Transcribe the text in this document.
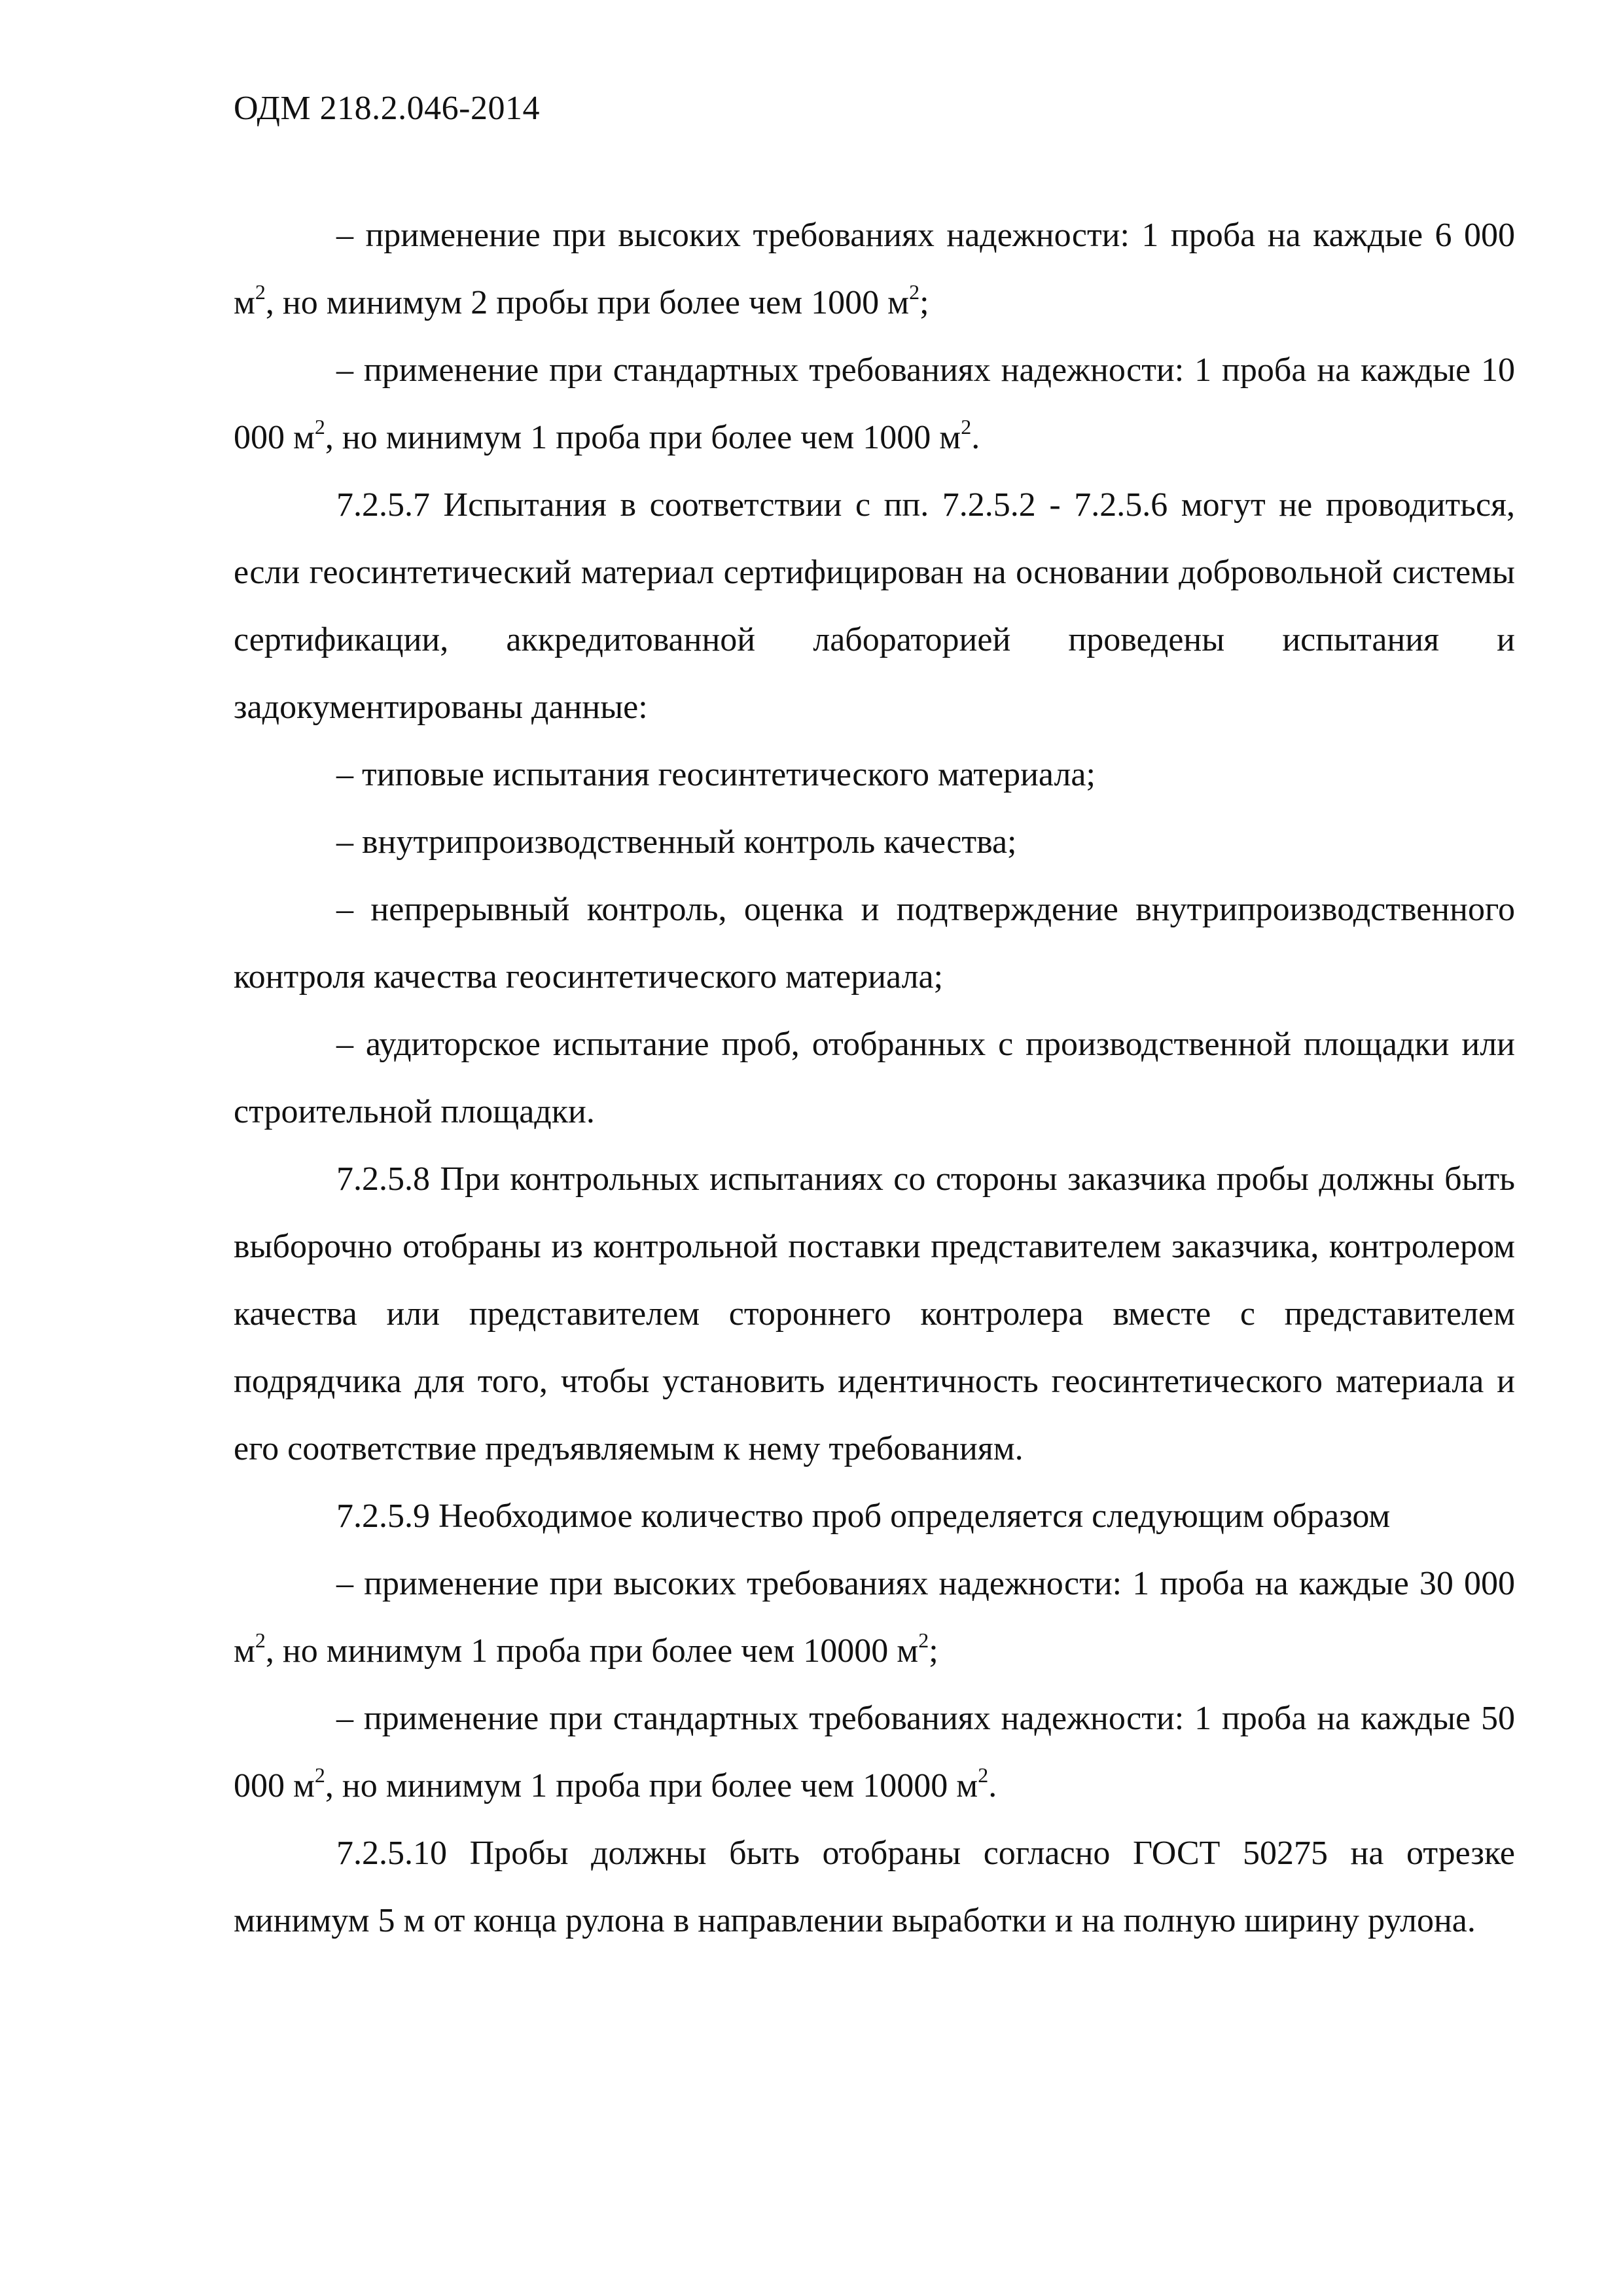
ОДМ 218.2.046-2014

– применение при высоких требованиях надежности: 1 проба на каждые 6 000 $м^2$, но минимум 2 пробы при более чем 1000 $м^2$;

– применение при стандартных требованиях надежности: 1 проба на каждые 10 000 $м^2$, но минимум 1 проба при более чем 1000 $м^2$.

7.2.5.7 Испытания в соответствии с пп. 7.2.5.2 - 7.2.5.6 могут не проводиться, если геосинтетический материал сертифицирован на основании добровольной системы сертификации, аккредитованной лабораторией проведены испытания и задокументированы данные:

– типовые испытания геосинтетического материала;

– внутрипроизводственный контроль качества;

– непрерывный контроль, оценка и подтверждение внутрипроизводственного контроля качества геосинтетического материала;

– аудиторское испытание проб, отобранных с производственной площадки или строительной площадки.

7.2.5.8 При контрольных испытаниях со стороны заказчика пробы должны быть выборочно отобраны из контрольной поставки представителем заказчика, контролером качества или представителем стороннего контролера вместе с представителем подрядчика для того, чтобы установить идентичность геосинтетического материала и его соответствие предъявляемым к нему требованиям.

7.2.5.9 Необходимое количество проб определяется следующим образом

– применение при высоких требованиях надежности: 1 проба на каждые 30 000 $м^2$, но минимум 1 проба при более чем 10000 $м^2$;

– применение при стандартных требованиях надежности: 1 проба на каждые 50 000 $м^2$, но минимум 1 проба при более чем 10000 $м^2$.

7.2.5.10 Пробы должны быть отобраны согласно ГОСТ 50275 на отрезке минимум 5 м от конца рулона в направлении выработки и на полную ширину рулона.
